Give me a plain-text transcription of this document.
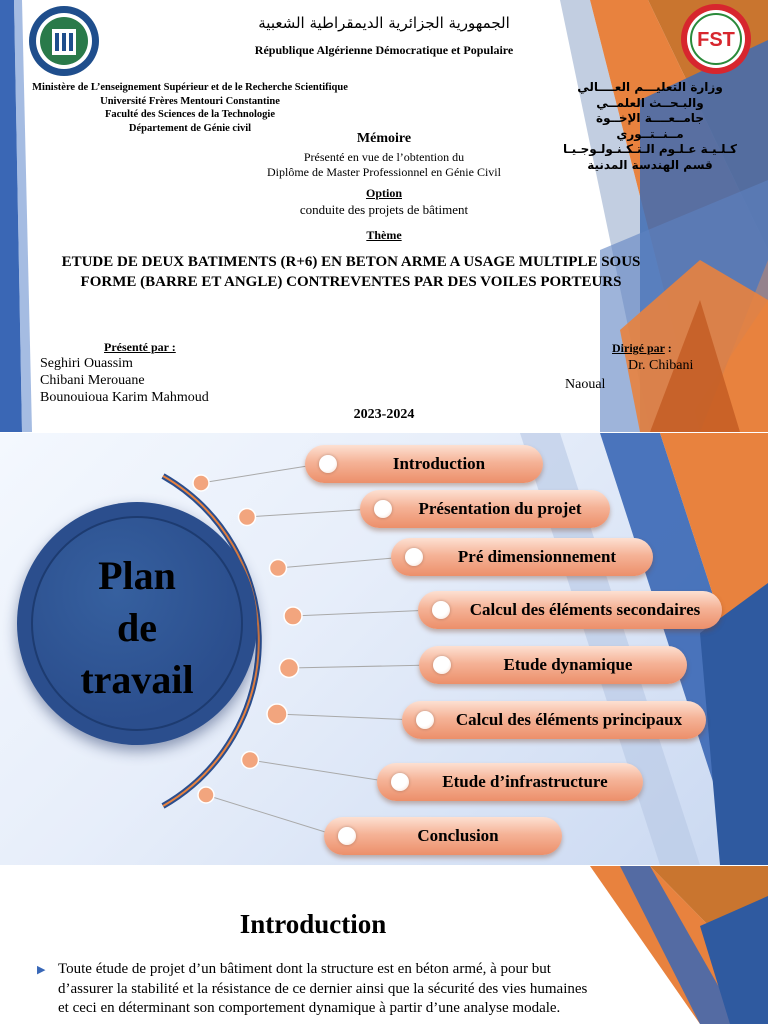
FST
الجمهورية الجزائرية الديمقراطية الشعبية
République Algérienne Démocratique et Populaire
Ministère de L’enseignement Supérieur et de le Recherche Scientifique
Université Frères Mentouri Constantine
Faculté des Sciences de la Technologie
Département de Génie civil
وزارة التعليـــم العــــالي
والبـحــث العلمــي
جامــعــــة الإخــوة
مــنــتــوري
كـلـيـة عـلـوم الـتـكـنـولـوجـيـا
قسم الهندسة المدنية
Mémoire
Présenté en vue de l’obtention du
Diplôme de Master Professionnel en Génie Civil
Option
conduite des projets de bâtiment
Thème
ETUDE DE DEUX BATIMENTS (R+6) EN BETON ARME A USAGE MULTIPLE SOUS FORME (BARRE ET ANGLE) CONTREVENTES PAR DES VOILES PORTEURS
Présenté par :
Seghiri Ouassim
Chibani Merouane
Bounouioua Karim Mahmoud
Dirigé par :
Dr. Chibani
Naoual
2023-2024
Plan
de
travail
Introduction
Présentation du projet
Pré dimensionnement
Calcul des éléments secondaires
Etude dynamique
Calcul des éléments principaux
Etude d’infrastructure
Conclusion
Introduction
▶ Toute étude de projet d’un bâtiment dont la structure est en béton armé, à pour but d’assurer la stabilité et la résistance de ce dernier ainsi que la sécurité des vies humaines et ceci en déterminant son comportement dynamique à partir d’une analyse modale.
